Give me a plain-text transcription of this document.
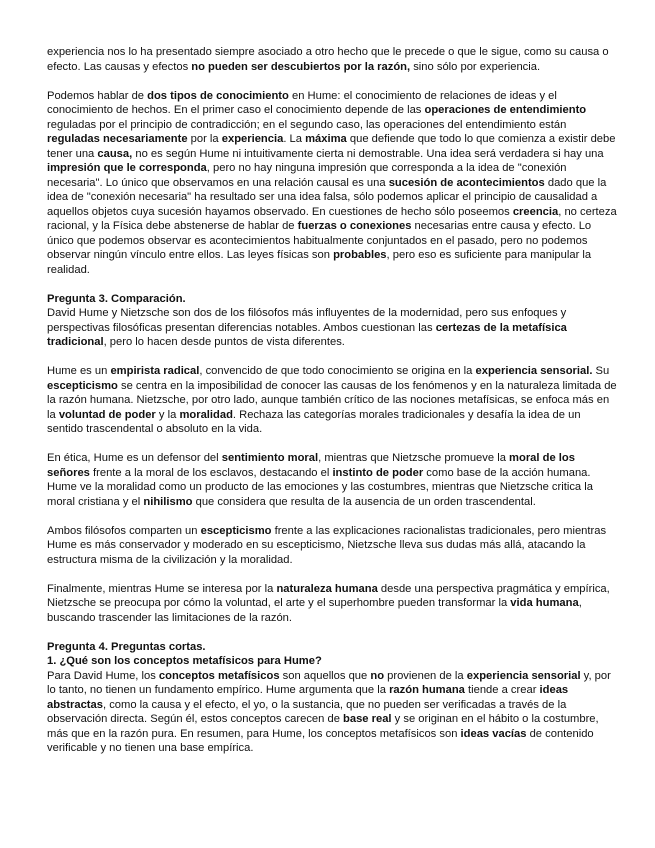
experiencia nos lo ha presentado siempre asociado a otro hecho que le precede o que le sigue, como su causa o efecto. Las causas y efectos no pueden ser descubiertos por la razón, sino sólo por experiencia.

Podemos hablar de dos tipos de conocimiento en Hume: el conocimiento de relaciones de ideas y el conocimiento de hechos. En el primer caso el conocimiento depende de las operaciones de entendimiento reguladas por el principio de contradicción; en el segundo caso, las operaciones del entendimiento están reguladas necesariamente por la experiencia. La máxima que defiende que todo lo que comienza a existir debe tener una causa, no es según Hume ni intuitivamente cierta ni demostrable. Una idea será verdadera si hay una impresión que le corresponda, pero no hay ninguna impresión que corresponda a la idea de "conexión necesaria". Lo único que observamos en una relación causal es una sucesión de acontecimientos dado que la idea de "conexión necesaria" ha resultado ser una idea falsa, sólo podemos aplicar el principio de causalidad a aquellos objetos cuya sucesión hayamos observado. En cuestiones de hecho sólo poseemos creencia, no certeza racional, y la Física debe abstenerse de hablar de fuerzas o conexiones necesarias entre causa y efecto. Lo único que podemos observar es acontecimientos habitualmente conjuntados en el pasado, pero no podemos observar ningún vínculo entre ellos. Las leyes físicas son probables, pero eso es suficiente para manipular la realidad.

Pregunta 3. Comparación.

David Hume y Nietzsche son dos de los filósofos más influyentes de la modernidad, pero sus enfoques y perspectivas filosóficas presentan diferencias notables. Ambos cuestionan las certezas de la metafísica tradicional, pero lo hacen desde puntos de vista diferentes.

Hume es un empirista radical, convencido de que todo conocimiento se origina en la experiencia sensorial. Su escepticismo se centra en la imposibilidad de conocer las causas de los fenómenos y en la naturaleza limitada de la razón humana. Nietzsche, por otro lado, aunque también crítico de las nociones metafísicas, se enfoca más en la voluntad de poder y la moralidad. Rechaza las categorías morales tradicionales y desafía la idea de un sentido trascendental o absoluto en la vida.

En ética, Hume es un defensor del sentimiento moral, mientras que Nietzsche promueve la moral de los señores frente a la moral de los esclavos, destacando el instinto de poder como base de la acción humana. Hume ve la moralidad como un producto de las emociones y las costumbres, mientras que Nietzsche critica la moral cristiana y el nihilismo que considera que resulta de la ausencia de un orden trascendental.

Ambos filósofos comparten un escepticismo frente a las explicaciones racionalistas tradicionales, pero mientras Hume es más conservador y moderado en su escepticismo, Nietzsche lleva sus dudas más allá, atacando la estructura misma de la civilización y la moralidad.

Finalmente, mientras Hume se interesa por la naturaleza humana desde una perspectiva pragmática y empírica, Nietzsche se preocupa por cómo la voluntad, el arte y el superhombre pueden transformar la vida humana, buscando trascender las limitaciones de la razón.

Pregunta 4. Preguntas cortas.
1. ¿Qué son los conceptos metafísicos para Hume?

Para David Hume, los conceptos metafísicos son aquellos que no provienen de la experiencia sensorial y, por lo tanto, no tienen un fundamento empírico. Hume argumenta que la razón humana tiende a crear ideas abstractas, como la causa y el efecto, el yo, o la sustancia, que no pueden ser verificadas a través de la observación directa. Según él, estos conceptos carecen de base real y se originan en el hábito o la costumbre, más que en la razón pura. En resumen, para Hume, los conceptos metafísicos son ideas vacías de contenido verificable y no tienen una base empírica.
